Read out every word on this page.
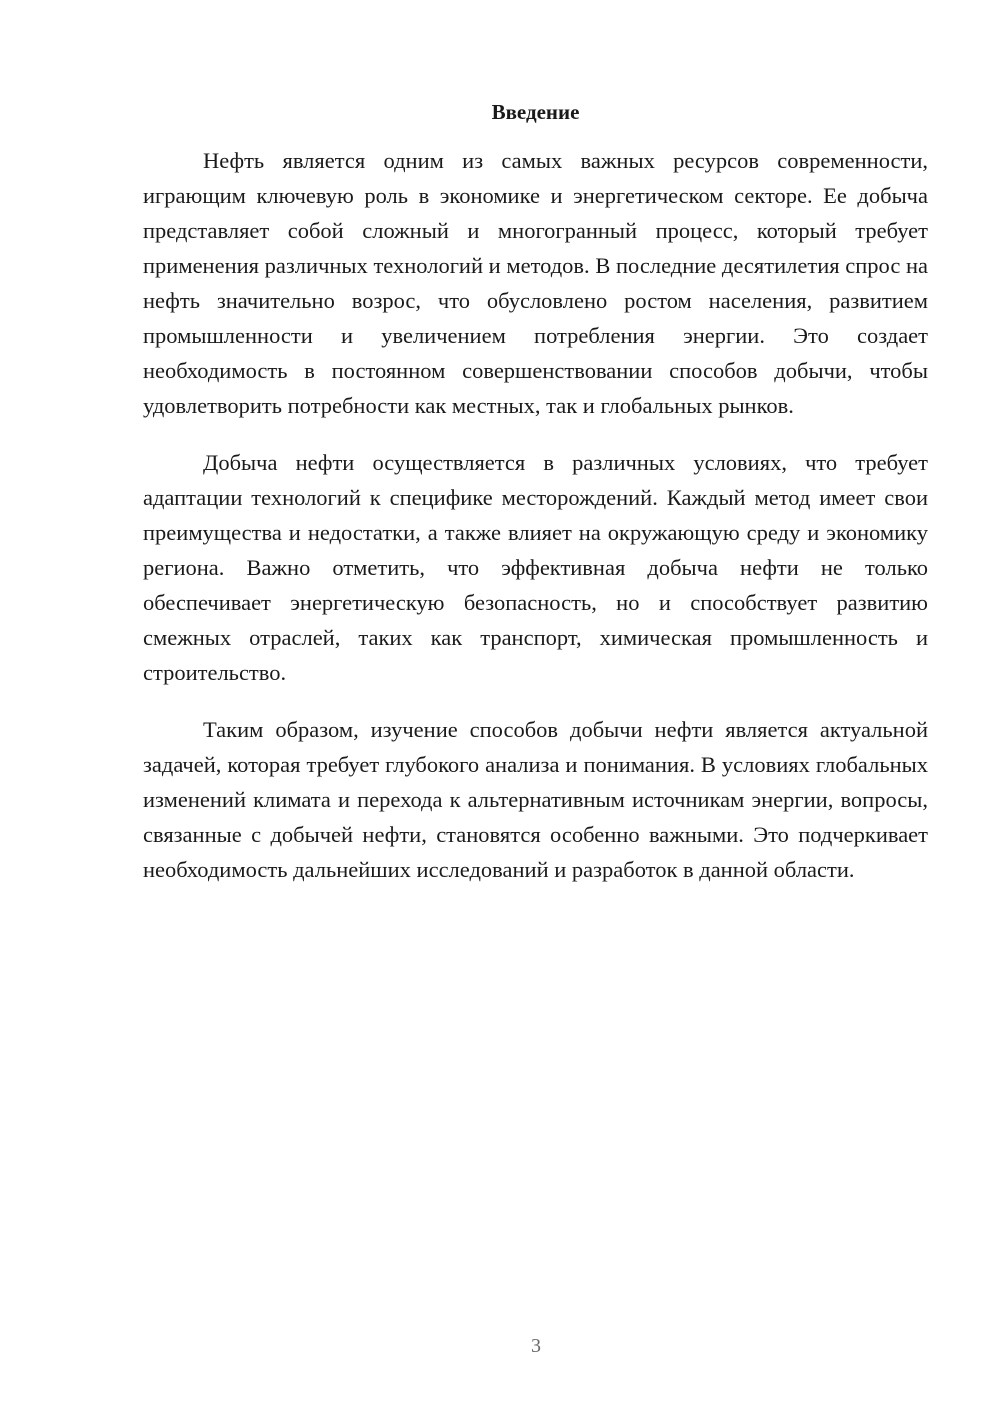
Введение

Нефть является одним из самых важных ресурсов современности, играющим ключевую роль в экономике и энергетическом секторе. Ее добыча представляет собой сложный и многогранный процесс, который требует применения различных технологий и методов. В последние десятилетия спрос на нефть значительно возрос, что обусловлено ростом населения, развитием промышленности и увеличением потребления энергии. Это создает необходимость в постоянном совершенствовании способов добычи, чтобы удовлетворить потребности как местных, так и глобальных рынков.

Добыча нефти осуществляется в различных условиях, что требует адаптации технологий к специфике месторождений. Каждый метод имеет свои преимущества и недостатки, а также влияет на окружающую среду и экономику региона. Важно отметить, что эффективная добыча нефти не только обеспечивает энергетическую безопасность, но и способствует развитию смежных отраслей, таких как транспорт, химическая промышленность и строительство.

Таким образом, изучение способов добычи нефти является актуальной задачей, которая требует глубокого анализа и понимания. В условиях глобальных изменений климата и перехода к альтернативным источникам энергии, вопросы, связанные с добычей нефти, становятся особенно важными. Это подчеркивает необходимость дальнейших исследований и разработок в данной области.

3
